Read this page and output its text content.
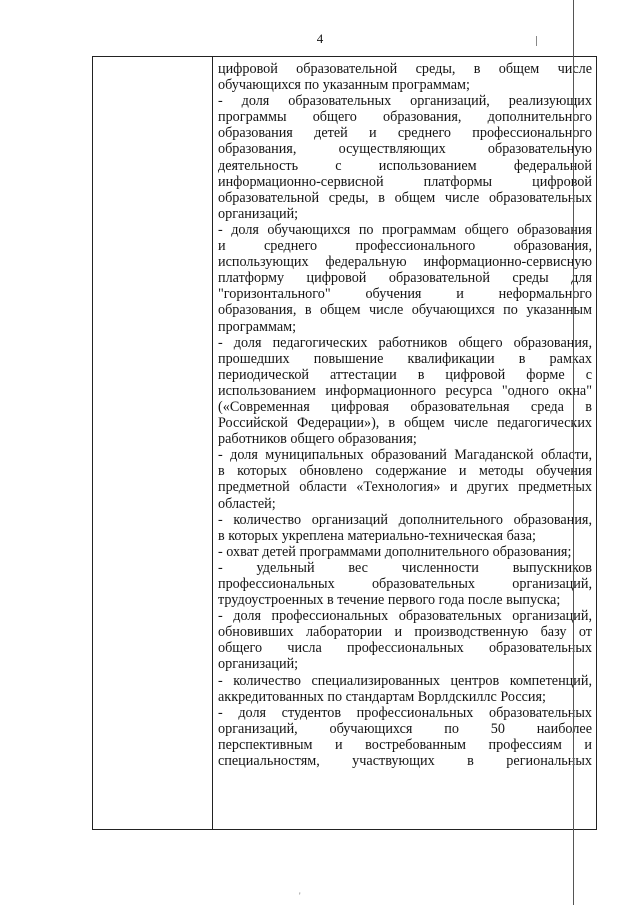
4
цифровой образовательной среды, в общем числе
обучающихся по указанным программам;
- доля образовательных организаций, реализующих
программы общего образования, дополнительного
образования детей и среднего профессионального
образования, осуществляющих образовательную
деятельность с использованием федеральной
информационно-сервисной платформы цифровой
образовательной среды, в общем числе образовательных
организаций;
- доля обучающихся по программам общего образования
и среднего профессионального образования,
использующих федеральную информационно-сервисную
платформу цифровой образовательной среды для
"горизонтального" обучения и неформального
образования, в общем числе обучающихся по указанным
программам;
- доля педагогических работников общего образования,
прошедших повышение квалификации в рамках
периодической аттестации в цифровой форме с
использованием информационного ресурса "одного окна"
(«Современная цифровая образовательная среда в
Российской Федерации»), в общем числе педагогических
работников общего образования;
- доля муниципальных образований Магаданской области,
в которых обновлено содержание и методы обучения
предметной области «Технология» и других предметных
областей;
- количество организаций дополнительного образования,
в которых укреплена материально-техническая база;
- охват детей программами дополнительного образования;
- удельный вес численности выпускников
профессиональных образовательных организаций,
трудоустроенных в течение первого года после выпуска;
- доля профессиональных образовательных организаций,
обновивших лаборатории и производственную базу от
общего числа профессиональных образовательных
организаций;
- количество специализированных центров компетенций,
аккредитованных по стандартам Ворлдскиллс Россия;
- доля студентов профессиональных образовательных
организаций, обучающихся по 50 наиболее
перспективным и востребованным профессиям и
специальностям, участвующих в региональных
'
